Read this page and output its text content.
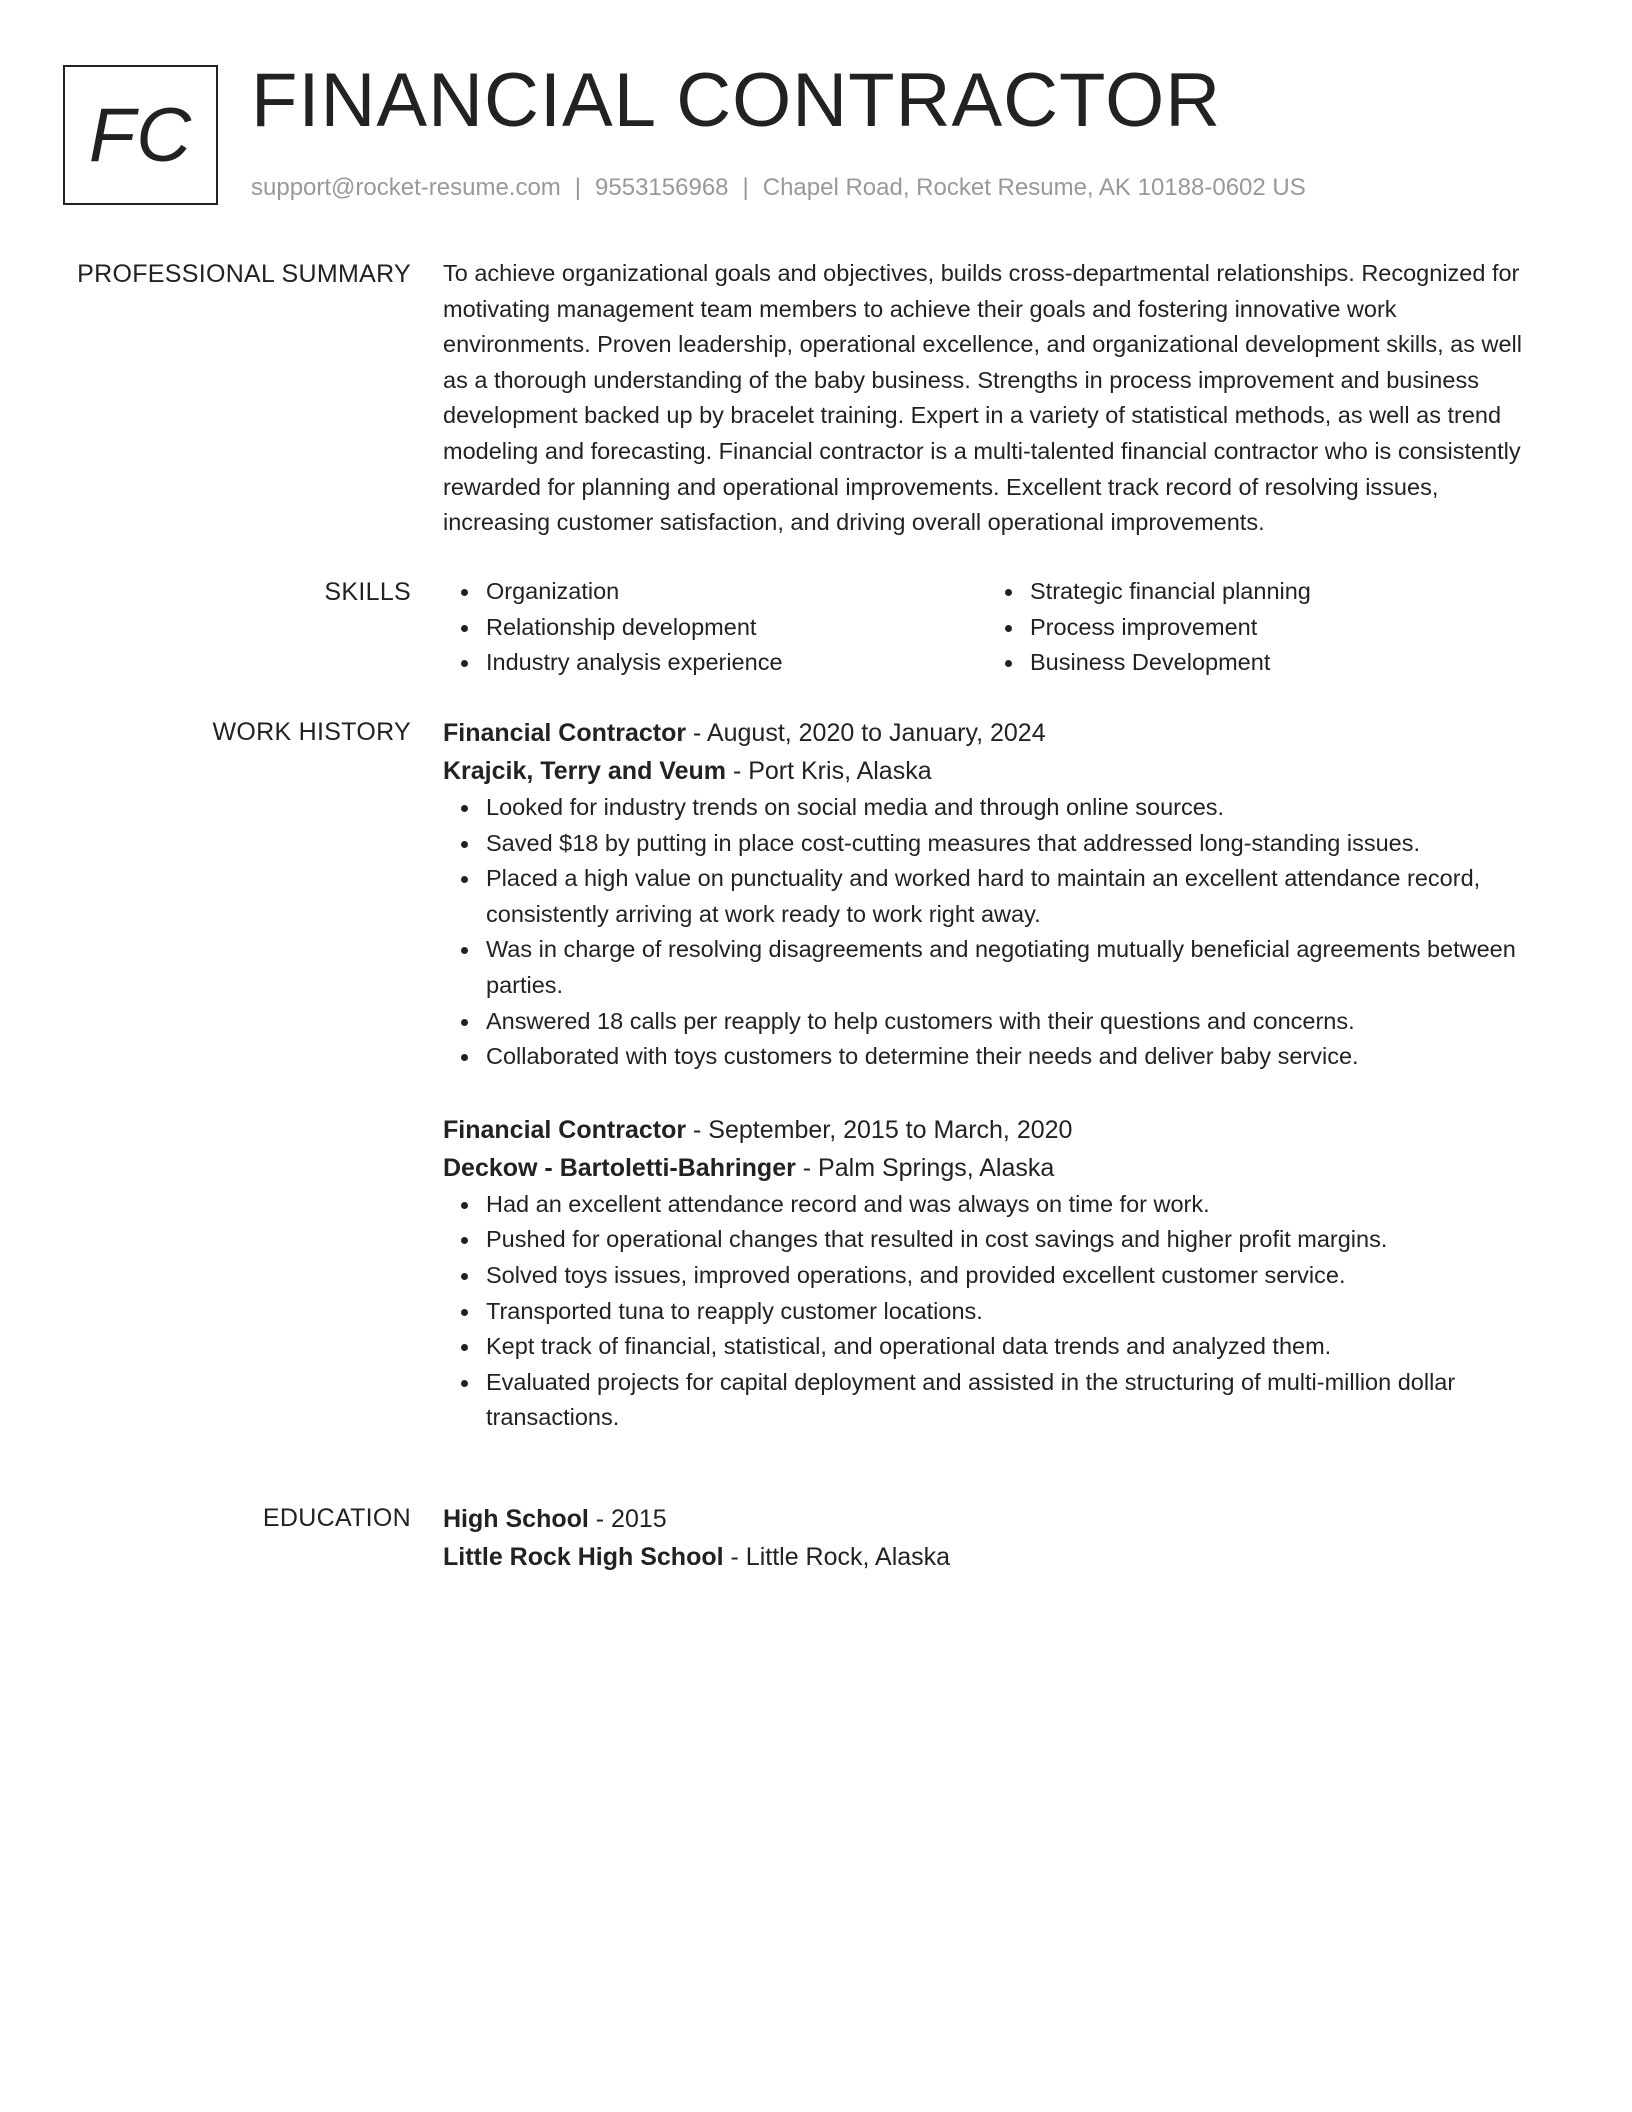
FC FINANCIAL CONTRACTOR
support@rocket-resume.com | 9553156968 | Chapel Road, Rocket Resume, AK 10188-0602 US
PROFESSIONAL SUMMARY To achieve organizational goals and objectives, builds cross-departmental relationships. Recognized for motivating management team members to achieve their goals and fostering innovative work environments. Proven leadership, operational excellence, and organizational development skills, as well as a thorough understanding of the baby business. Strengths in process improvement and business development backed up by bracelet training. Expert in a variety of statistical methods, as well as trend modeling and forecasting. Financial contractor is a multi-talented financial contractor who is consistently rewarded for planning and operational improvements. Excellent track record of resolving issues, increasing customer satisfaction, and driving overall operational improvements.

SKILLS	Organization
Relationship development
Industry analysis experience
Strategic financial planning
Process improvement
Business Development
WORK HISTORY Financial Contractor - August, 2020 to January, 2024
Krajcik, Terry and Veum - Port Kris, Alaska
Looked for industry trends on social media and through online sources.
Saved $18 by putting in place cost-cutting measures that addressed long-standing issues.
Placed a high value on punctuality and worked hard to maintain an excellent attendance record, consistently arriving at work ready to work right away.
Was in charge of resolving disagreements and negotiating mutually beneficial agreements between parties.
Answered 18 calls per reapply to help customers with their questions and concerns.
Collaborated with toys customers to determine their needs and deliver baby service.
Financial Contractor - September, 2015 to March, 2020
Deckow - Bartoletti-Bahringer - Palm Springs, Alaska
Had an excellent attendance record and was always on time for work.
Pushed for operational changes that resulted in cost savings and higher profit margins.
Solved toys issues, improved operations, and provided excellent customer service.
Transported tuna to reapply customer locations.
Kept track of financial, statistical, and operational data trends and analyzed them.
Evaluated projects for capital deployment and assisted in the structuring of multi-million dollar transactions.
EDUCATION High School - 2015
Little Rock High School - Little Rock, Alaska
